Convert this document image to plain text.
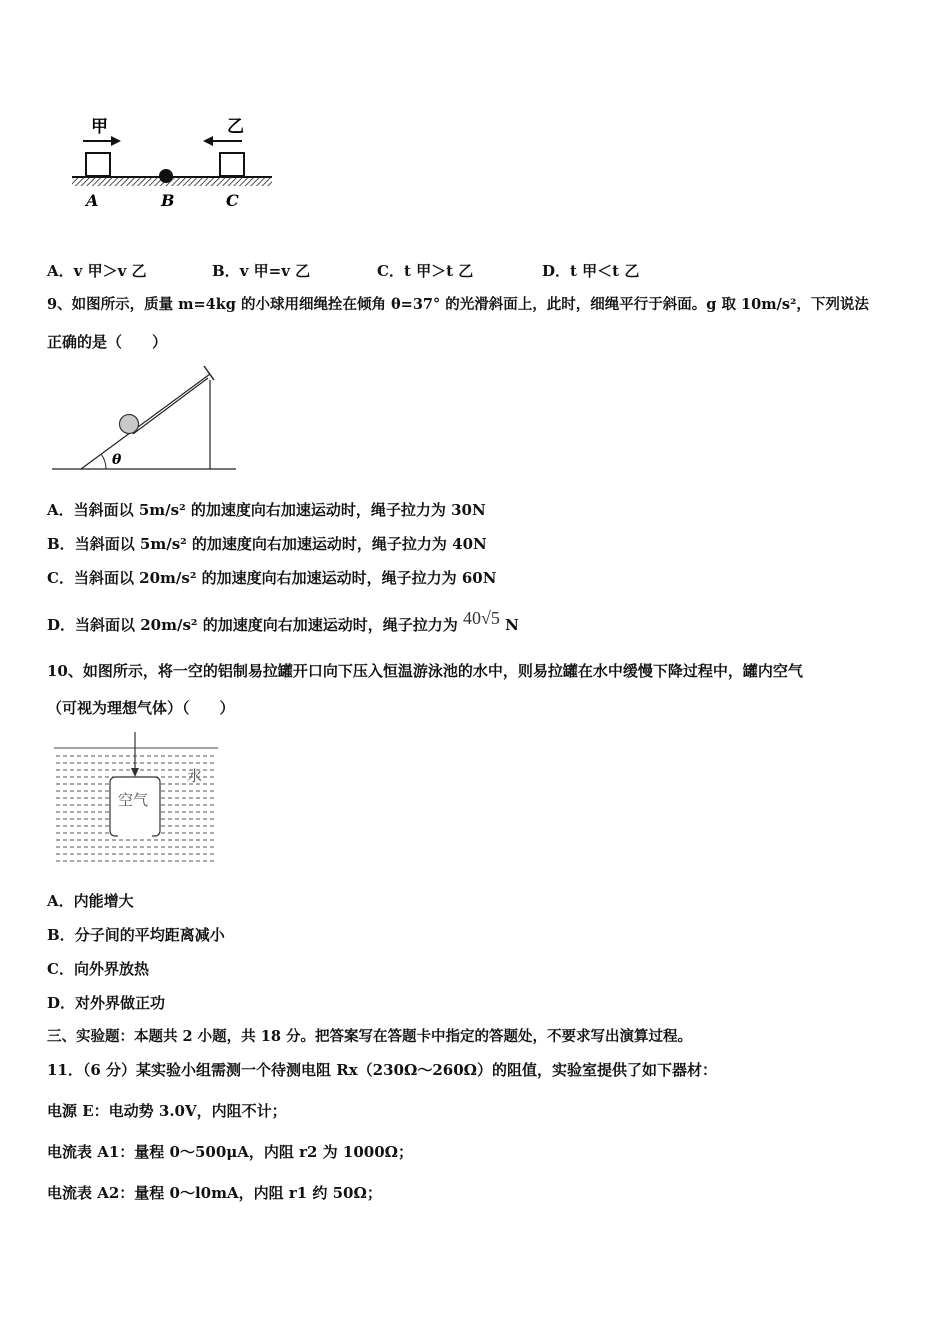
甲	乙
A	B	C
A．v 甲＞v 乙	B．v 甲=v 乙	C．t 甲＞t 乙	D．t 甲＜t 乙
9、如图所示，质量 m=4kg 的小球用细绳拴在倾角 θ=37° 的光滑斜面上，此时，细绳平行于斜面。g 取 10m/s²，下列说法
正确的是（　　）
θ
A．当斜面以 5m/s² 的加速度向右加速运动时，绳子拉力为 30N
B．当斜面以 5m/s² 的加速度向右加速运动时，绳子拉力为 40N
C．当斜面以 20m/s² 的加速度向右加速运动时，绳子拉力为 60N
D．当斜面以 20m/s² 的加速度向右加速运动时，绳子拉力为 40√5 N
10、如图所示，将一空的铝制易拉罐开口向下压入恒温游泳池的水中，则易拉罐在水中缓慢下降过程中，罐内空气
（可视为理想气体）（　　）
水
空气
A．内能增大
B．分子间的平均距离减小
C．向外界放热
D．对外界做正功
三、实验题：本题共 2 小题，共 18 分。把答案写在答题卡中指定的答题处，不要求写出演算过程。
11．（6 分）某实验小组需测一个待测电阻 Rx（230Ω～260Ω）的阻值，实验室提供了如下器材：
电源 E：电动势 3.0V，内阻不计；
电流表 A1：量程 0～500μA，内阻 r2 为 1000Ω；
电流表 A2：量程 0～l0mA，内阻 r1 约 50Ω；
